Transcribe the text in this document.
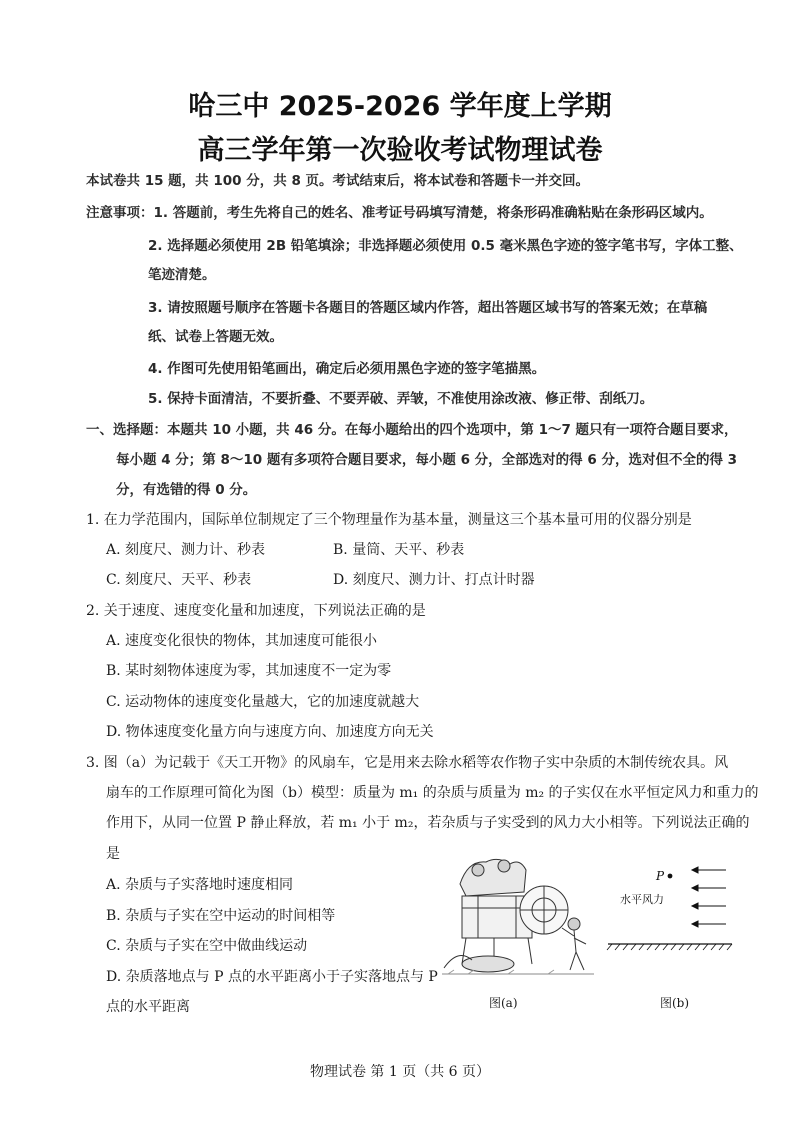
哈三中 2025-2026 学年度上学期
高三学年第一次验收考试物理试卷
本试卷共 15 题，共 100 分，共 8 页。考试结束后，将本试卷和答题卡一并交回。
注意事项：1. 答题前，考生先将自己的姓名、准考证号码填写清楚，将条形码准确粘贴在条形码区域内。
2. 选择题必须使用 2B 铅笔填涂；非选择题必须使用 0.5 毫米黑色字迹的签字笔书写，字体工整、
笔迹清楚。
3. 请按照题号顺序在答题卡各题目的答题区域内作答，超出答题区域书写的答案无效；在草稿
纸、试卷上答题无效。
4. 作图可先使用铅笔画出，确定后必须用黑色字迹的签字笔描黑。
5. 保持卡面清洁，不要折叠、不要弄破、弄皱，不准使用涂改液、修正带、刮纸刀。
一、选择题：本题共 10 小题，共 46 分。在每小题给出的四个选项中，第 1～7 题只有一项符合题目要求，
每小题 4 分；第 8～10 题有多项符合题目要求，每小题 6 分，全部选对的得 6 分，选对但不全的得 3
分，有选错的得 0 分。
1. 在力学范围内，国际单位制规定了三个物理量作为基本量，测量这三个基本量可用的仪器分别是
A. 刻度尺、测力计、秒表	B. 量筒、天平、秒表
C. 刻度尺、天平、秒表	D. 刻度尺、测力计、打点计时器
2. 关于速度、速度变化量和加速度，下列说法正确的是
A. 速度变化很快的物体，其加速度可能很小
B. 某时刻物体速度为零，其加速度不一定为零
C. 运动物体的速度变化量越大，它的加速度就越大
D. 物体速度变化量方向与速度方向、加速度方向无关
3. 图（a）为记载于《天工开物》的风扇车，它是用来去除水稻等农作物子实中杂质的木制传统农具。风
扇车的工作原理可简化为图（b）模型：质量为 m₁ 的杂质与质量为 m₂ 的子实仅在水平恒定风力和重力的
作用下，从同一位置 P 静止释放，若 m₁ 小于 m₂，若杂质与子实受到的风力大小相等。下列说法正确的
是
A. 杂质与子实落地时速度相同
B. 杂质与子实在空中运动的时间相等
C. 杂质与子实在空中做曲线运动
D. 杂质落地点与 P 点的水平距离小于子实落地点与 P
点的水平距离	图(a)
P
水平风力
图(b)
物理试卷 第 1 页（共 6 页）
